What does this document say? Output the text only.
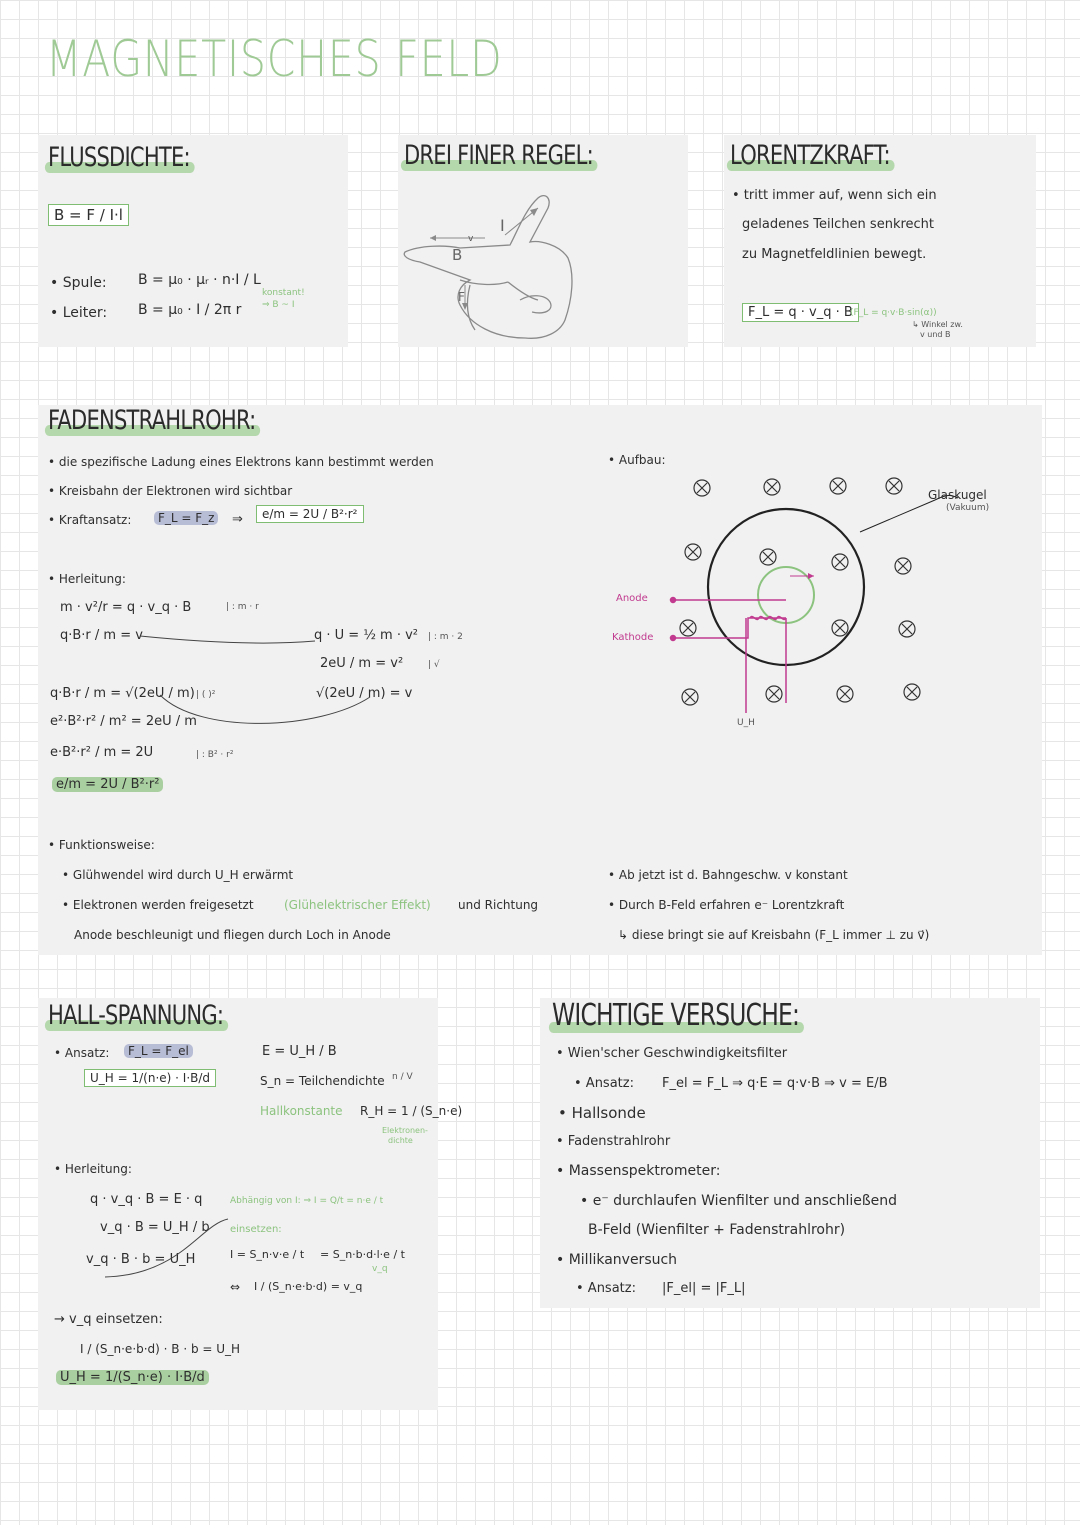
MAGNETISCHES FELD
FLUSSDICHTE:
B = F / I·l
• Spule: B = μ₀ · μᵣ · n·I / L
• Leiter: B = μ₀ · I / 2π r
konstant!
⇒ B ~ I
DREI FINER REGEL:
I
B
F
v
LORENTZKRAFT:
• tritt immer auf, wenn sich ein
geladenes Teilchen senkrecht
zu Magnetfeldlinien bewegt.
F_L = q · v_q · B
(F_L = q·v·B·sin(α))
↳ Winkel zw.
v und B
FADENSTRAHLROHR:
• die spezifische Ladung eines Elektrons kann bestimmt werden
• Kreisbahn der Elektronen wird sichtbar
• Kraftansatz:	F_L = F_z	⇒	e/m = 2U / B²·r²
• Herleitung:
m · v²/r = q · v_q · B	| : m · r
q·B·r / m = v	q · U = ½ m · v² | : m · 2
2eU / m = v²	| √
√(2eU / m) = v
q·B·r / m = √(2eU / m) | ( )²
e²·B²·r² / m² = 2eU / m
e·B²·r² / m = 2U	| : B² · r²
e/m = 2U / B²·r²
• Funktionsweise:
• Glühwendel wird durch U_H erwärmt
• Elektronen werden freigesetzt	(Glühelektrischer Effekt) und Richtung
Anode beschleunigt und fliegen durch Loch in Anode
• Aufbau:
Glaskugel
(Vakuum)
Anode
Kathode
U_H
• Ab jetzt ist d. Bahngeschw. v konstant
• Durch B-Feld erfahren e⁻ Lorentzkraft
↳ diese bringt sie auf Kreisbahn (F_L immer ⊥ zu v⃗)
HALL-SPANNUNG:
• Ansatz:	F_L = F_el
U_H = 1/(n·e) · I·B/d
E = U_H / B
S_n = Teilchendichte n / V
Hallkonstante R_H = 1 / (S_n·e)
Elektronen-
dichte
• Herleitung:
q · v_q · B = E · q
v_q · B = U_H / b
v_q · B · b = U_H
Abhängig von I: ⇒ I = Q/t = n·e / t
einsetzen:
I = S_n·v·e / t = S_n·b·d·l·e / t
v_q
⇔ I / (S_n·e·b·d) = v_q
→ v_q einsetzen:
I / (S_n·e·b·d) · B · b = U_H
U_H = 1/(S_n·e) · I·B/d
WICHTIGE VERSUCHE:
• Wien'scher Geschwindigkeitsfilter
• Ansatz: F_el = F_L ⇒ q·E = q·v·B ⇒ v = E/B
• Hallsonde
• Fadenstrahlrohr
• Massenspektrometer:
• e⁻ durchlaufen Wienfilter und anschließend
B-Feld (Wienfilter + Fadenstrahlrohr)
• Millikanversuch
• Ansatz: |F_el| = |F_L|
